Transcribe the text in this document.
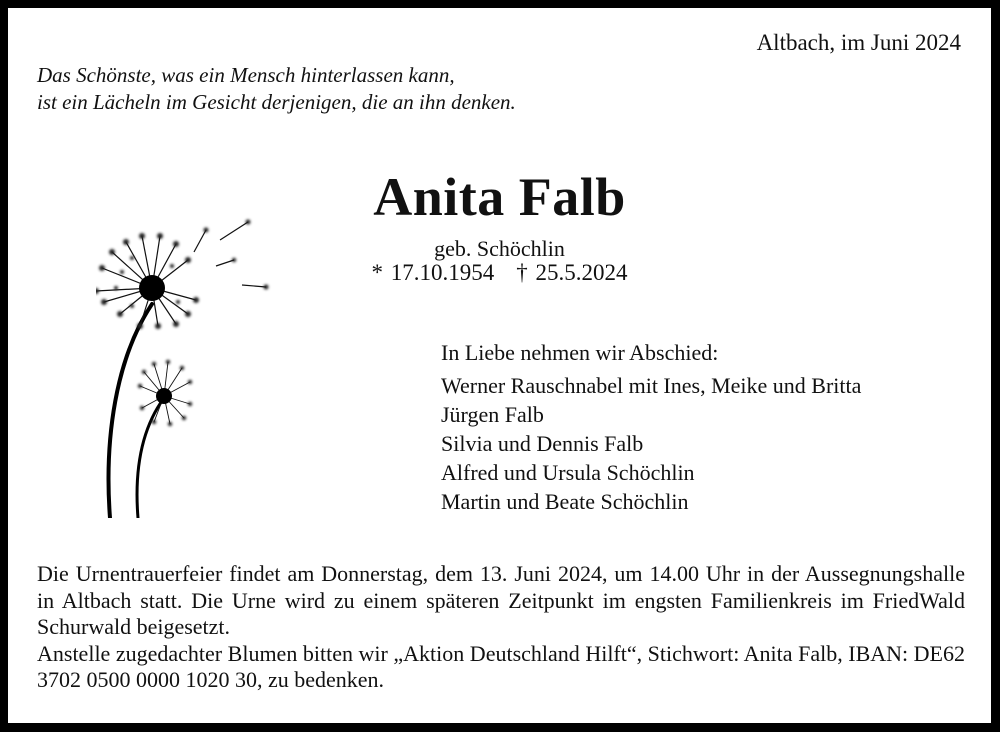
Altbach, im Juni 2024
Das Schönste, was ein Mensch hinterlassen kann,
ist ein Lächeln im Gesicht derjenigen, die an ihn denken.
Anita Falb
geb. Schöchlin
* 17.10.1954 † 25.5.2024
In Liebe nehmen wir Abschied:
Werner Rauschnabel mit Ines, Meike und Britta
Jürgen Falb
Silvia und Dennis Falb
Alfred und Ursula Schöchlin
Martin und Beate Schöchlin

Die Urnentrauerfeier findet am Donnerstag, dem 13. Juni 2024, um 14.00 Uhr in der Aussegnungshalle in Altbach statt. Die Urne wird zu einem späteren Zeitpunkt im engsten Familienkreis im FriedWald Schurwald beigesetzt.

Anstelle zugedachter Blumen bitten wir „Aktion Deutschland Hilft“, Stichwort: Anita Falb, IBAN: DE62 3702 0500 0000 1020 30, zu bedenken.
